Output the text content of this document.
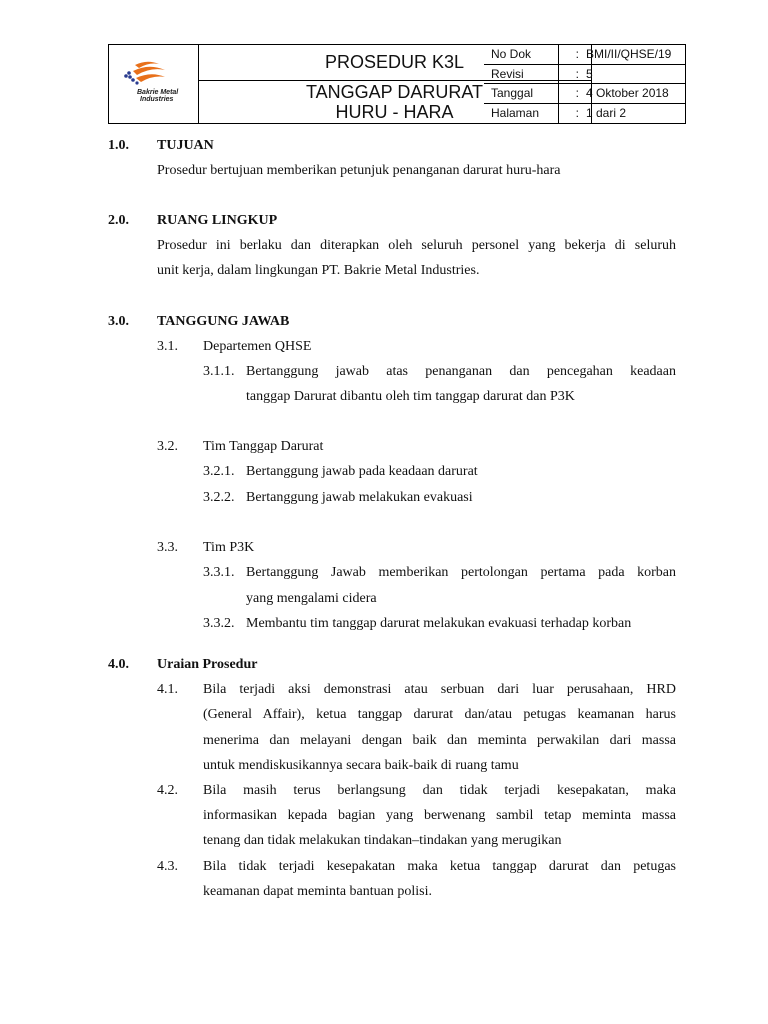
Bakrie Metal
Industries
PROSEDUR K3L
TANGGAP DARURAT
HURU - HARA
No Dok	: BMI/II/QHSE/19
Revisi	: 5
Tanggal	: 4 Oktober 2018
Halaman	: 1 dari 2
1.0. TUJUAN
Prosedur bertujuan memberikan petunjuk penanganan darurat huru-hara
2.0. RUANG LINGKUP
Prosedur ini berlaku dan diterapkan oleh seluruh personel yang bekerja di seluruh
unit kerja, dalam lingkungan PT. Bakrie Metal Industries.
3.0. TANGGUNG JAWAB
3.1. Departemen QHSE
3.1.1. Bertanggung jawab atas penanganan dan pencegahan keadaan
tanggap Darurat dibantu oleh tim tanggap darurat dan P3K
3.2. Tim Tanggap Darurat
3.2.1. Bertanggung jawab pada keadaan darurat
3.2.2. Bertanggung jawab melakukan evakuasi
3.3. Tim P3K
3.3.1. Bertanggung Jawab memberikan pertolongan pertama pada korban
yang mengalami cidera
3.3.2. Membantu tim tanggap darurat melakukan evakuasi terhadap korban
4.0. Uraian Prosedur
4.1. Bila terjadi aksi demonstrasi atau serbuan dari luar perusahaan, HRD
(General Affair), ketua tanggap darurat dan/atau petugas keamanan harus
menerima dan melayani dengan baik dan meminta perwakilan dari massa
untuk mendiskusikannya secara baik-baik di ruang tamu
4.2. Bila masih terus berlangsung dan tidak terjadi kesepakatan, maka
informasikan kepada bagian yang berwenang sambil tetap meminta massa
tenang dan tidak melakukan tindakan–tindakan yang merugikan
4.3. Bila tidak terjadi kesepakatan maka ketua tanggap darurat dan petugas
keamanan dapat meminta bantuan polisi.
